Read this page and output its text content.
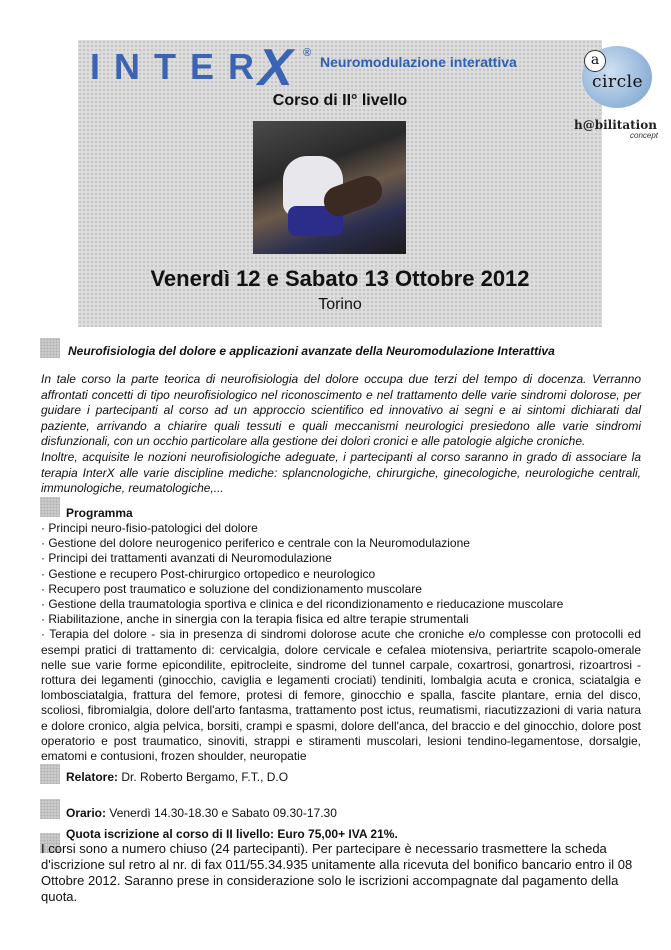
INTER
X ®
Neuromodulazione interattiva
Corso di II° livello
Venerdì 12 e Sabato 13 Ottobre 2012
Torino
a
circle
h@bilitation
concept
Neurofisiologia del dolore e applicazioni avanzate della Neuromodulazione Interattiva

In tale corso la parte teorica di neurofisiologia del dolore occupa due terzi del tempo di docenza. Verranno affrontati concetti di tipo neurofisiologico nel riconoscimento e nel trattamento delle varie sindromi dolorose, per guidare i partecipanti al corso ad un approccio scientifico ed innovativo ai segni e ai sintomi dichiarati dal paziente, arrivando a chiarire quali tessuti e quali meccanismi neurologici presiedono alle varie sindromi disfunzionali, con un occhio particolare alla gestione dei dolori cronici e alle patologie algiche croniche.

Inoltre, acquisite le nozioni neurofisiologiche adeguate, i partecipanti al corso saranno in grado di associare la terapia InterX alle varie discipline mediche: splancnologiche, chirurgiche, ginecologiche, neurologiche centrali, immunologiche, reumatologiche,...

Programma
· Principi neuro-fisio-patologici del dolore
· Gestione del dolore neurogenico periferico e centrale con la Neuromodulazione
· Principi dei trattamenti avanzati di Neuromodulazione
· Gestione e recupero Post-chirurgico ortopedico e neurologico
· Recupero post traumatico e soluzione del condizionamento muscolare
· Gestione della traumatologia sportiva e clinica e del ricondizionamento e rieducazione muscolare
· Riabilitazione, anche in sinergia con la terapia fisica ed altre terapie strumentali
· Terapia del dolore - sia in presenza di sindromi dolorose acute che croniche e/o complesse con protocolli ed esempi pratici di trattamento di: cervicalgia, dolore cervicale e cefalea miotensiva, periartrite scapolo-omerale nelle sue varie forme epicondilite, epitrocleite, sindrome del tunnel carpale, coxartrosi, gonartrosi, rizoartrosi - rottura dei legamenti (ginocchio, caviglia e legamenti crociati) tendiniti, lombalgia acuta e cronica, sciatalgia e lombosciatalgia, frattura del femore, protesi di femore, ginocchio e spalla, fascite plantare, ernia del disco, scoliosi, fibromialgia, dolore dell'arto fantasma, trattamento post ictus, reumatismi, riacutizzazioni di varia natura e dolore cronico, algia pelvica, borsiti, crampi e spasmi, dolore dell'anca, del braccio e del ginocchio, dolore post operatorio e post traumatico, sinoviti, strappi e stiramenti muscolari, lesioni tendino-legamentose, dorsalgie, ematomi e contusioni, frozen shoulder, neuropatie
Relatore: Dr. Roberto Bergamo, F.T., D.O
Orario: Venerdì 14.30-18.30 e Sabato 09.30-17.30
Quota iscrizione al corso di II livello: Euro 75,00+ IVA 21%.

I corsi sono a numero chiuso (24 partecipanti). Per partecipare è necessario trasmettere la scheda d'iscrizione sul retro al nr. di fax 011/55.34.935 unitamente alla ricevuta del bonifico bancario entro il 08 Ottobre 2012. Saranno prese in considerazione solo le iscrizioni accompagnate dal pagamento della quota.
